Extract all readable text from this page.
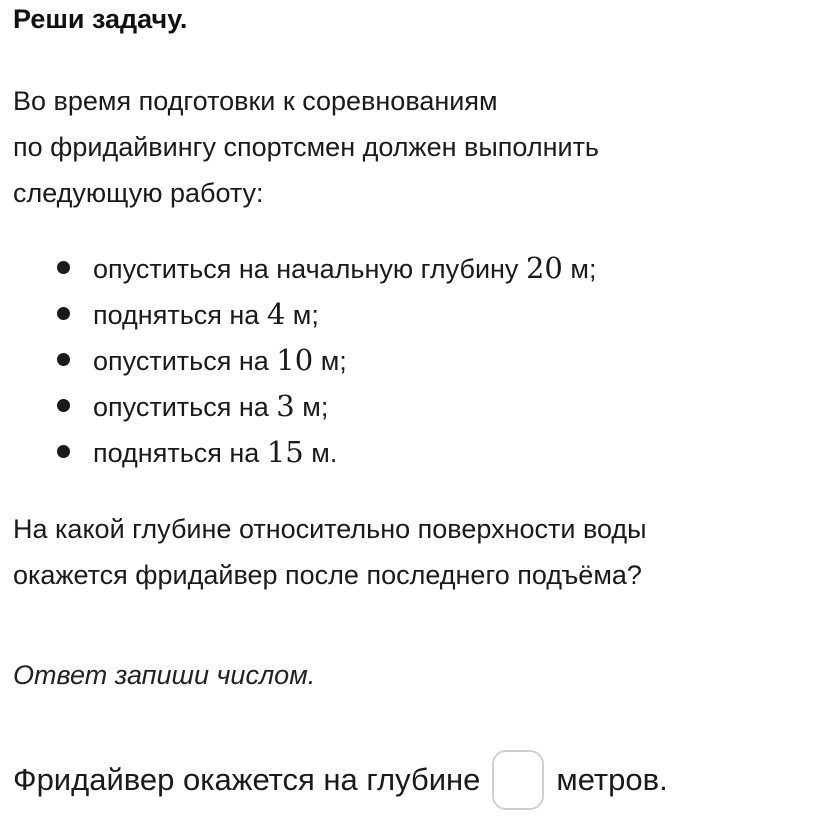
Реши задачу.
Во время подготовки к соревнованиям
по фридайвингу спортсмен должен выполнить
следующую работу:
опуститься на начальную глубину 20 м;
подняться на 4 м;
опуститься на 10 м;
опуститься на 3 м;
подняться на 15 м.
На какой глубине относительно поверхности воды
окажется фридайвер после последнего подъёма?
Ответ запиши числом.
Фридайвер окажется на глубине метров.
